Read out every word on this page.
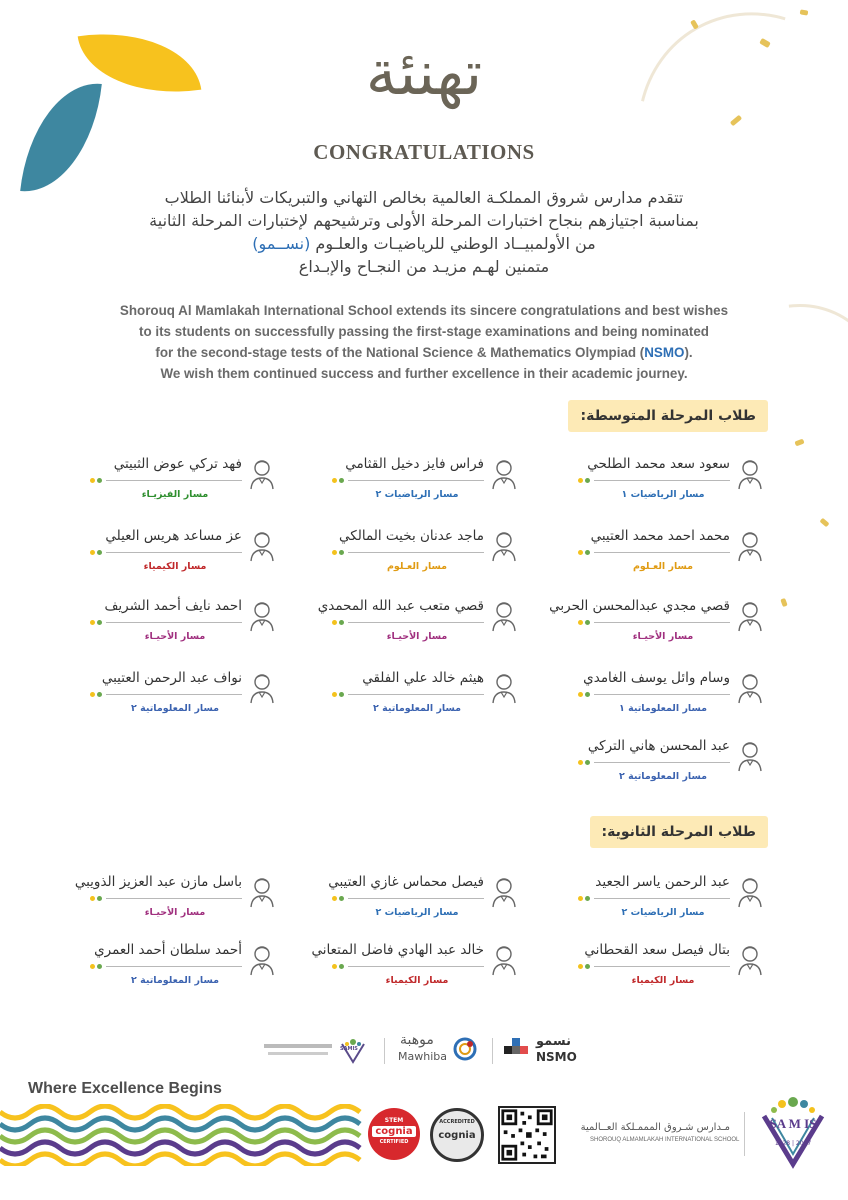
تهنئة
CONGRATULATIONS
تتقدم مدارس شروق المملكـة العالمية بخالص التهاني والتبريكات لأبنائنا الطلاب
بمناسبة اجتيازهم بنجاح اختبارات المرحلة الأولى وترشيحهم لإختبارات المرحلة الثانية
من الأولمبيــاد الوطني للرياضيـات والعلـوم (نســمو)
متمنين لهـم مزيـد من النجـاح والإبـداع
Shorouq Al Mamlakah International School extends its sincere congratulations and best wishes
to its students on successfully passing the first-stage examinations and being nominated
for the second-stage tests of the National Science & Mathematics Olympiad (NSMO).
We wish them continued success and further excellence in their academic journey.
طلاب المرحلة المتوسطة:
طلاب المرحلة الثانوية:
سعود سعد محمد الطلحي
مسار الرياضيات ١
فراس فايز دخيل القثامي
مسار الرياضيات ٢
فهد تركي عوض الثبيتي
مسار الفيزيـاء
محمد احمد محمد العتيبي
مسار العـلوم
ماجد عدنان بخيت المالكي
مسار العـلوم
عز مساعد هريس العيلي
مسار الكيمياء
قصي مجدي عبدالمحسن الحربي
مسار الأحيـاء
قصي متعب عبد الله المحمدي
مسار الأحيـاء
احمد نايف أحمد الشريف
مسار الأحيـاء
وسام وائل يوسف الغامدي
مسار المعلوماتية ١
هيثم خالد علي الفلقي
مسار المعلوماتية ٢
نواف عبد الرحمن العتيبي
مسار المعلوماتية ٢
عبد المحسن هاني التركي
مسار المعلوماتية ٢
عبد الرحمن ياسر الجعيد
مسار الرياضيات ٢
فيصل محماس غازي العتيبي
مسار الرياضيات ٢
باسل مازن عبد العزيز الذويبي
مسار الأحيـاء
بتال فيصل سعد القحطاني
مسار الكيمياء
خالد عبد الهادي فاضل المتعاني
مسار الكيمياء
أحمد سلطان أحمد العمري
مسار المعلوماتية ٢
نسمو
NSMO
موهبة
Mawhiba
SAMIS
Where Excellence Begins
STEM
cognia
CERTIFIED
ACCREDITED
cognia
مـدارس شـروق المممـلكة العــالمية
SHOROUQ ALMAMLAKAH INTERNATIONAL SCHOOL
SA M IS
1428 | 2007
